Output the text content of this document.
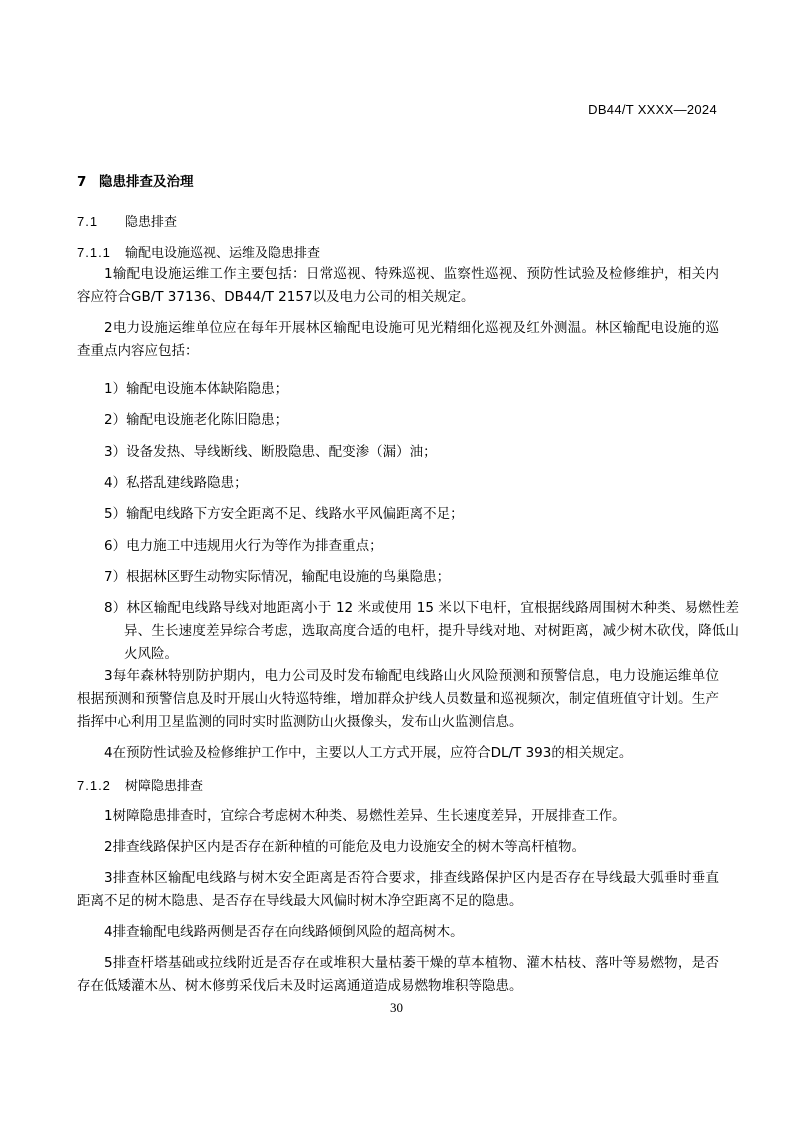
DB44/T XXXX—2024
7 隐患排查及治理
7.1 隐患排查
7.1.1 输配电设施巡视、运维及隐患排查

1输配电设施运维工作主要包括：日常巡视、特殊巡视、监察性巡视、预防性试验及检修维护，相关内容应符合GB/T 37136、DB44/T 2157以及电力公司的相关规定。

2电力设施运维单位应在每年开展林区输配电设施可见光精细化巡视及红外测温。林区输配电设施的巡查重点内容应包括：

1）输配电设施本体缺陷隐患；
2）输配电设施老化陈旧隐患；
3）设备发热、导线断线、断股隐患、配变渗（漏）油；
4）私搭乱建线路隐患；
5）输配电线路下方安全距离不足、线路水平风偏距离不足；
6）电力施工中违规用火行为等作为排查重点；
7）根据林区野生动物实际情况，输配电设施的鸟巢隐患；
8）林区输配电线路导线对地距离小于 12 米或使用 15 米以下电杆，宜根据线路周围树木种类、易燃性差异、生长速度差异综合考虑，选取高度合适的电杆，提升导线对地、对树距离，减少树木砍伐，降低山火风险。

3每年森林特别防护期内，电力公司及时发布输配电线路山火风险预测和预警信息，电力设施运维单位根据预测和预警信息及时开展山火特巡特维，增加群众护线人员数量和巡视频次，制定值班值守计划。生产指挥中心利用卫星监测的同时实时监测防山火摄像头，发布山火监测信息。

4在预防性试验及检修维护工作中，主要以人工方式开展，应符合DL/T 393的相关规定。

7.1.2 树障隐患排查

1树障隐患排查时，宜综合考虑树木种类、易燃性差异、生长速度差异，开展排查工作。

2排查线路保护区内是否存在新种植的可能危及电力设施安全的树木等高杆植物。

3排查林区输配电线路与树木安全距离是否符合要求，排查线路保护区内是否存在导线最大弧垂时垂直距离不足的树木隐患、是否存在导线最大风偏时树木净空距离不足的隐患。

4排查输配电线路两侧是否存在向线路倾倒风险的超高树木。

5排查杆塔基础或拉线附近是否存在或堆积大量枯萎干燥的草本植物、灌木枯枝、落叶等易燃物，是否存在低矮灌木丛、树木修剪采伐后未及时运离通道造成易燃物堆积等隐患。

30
